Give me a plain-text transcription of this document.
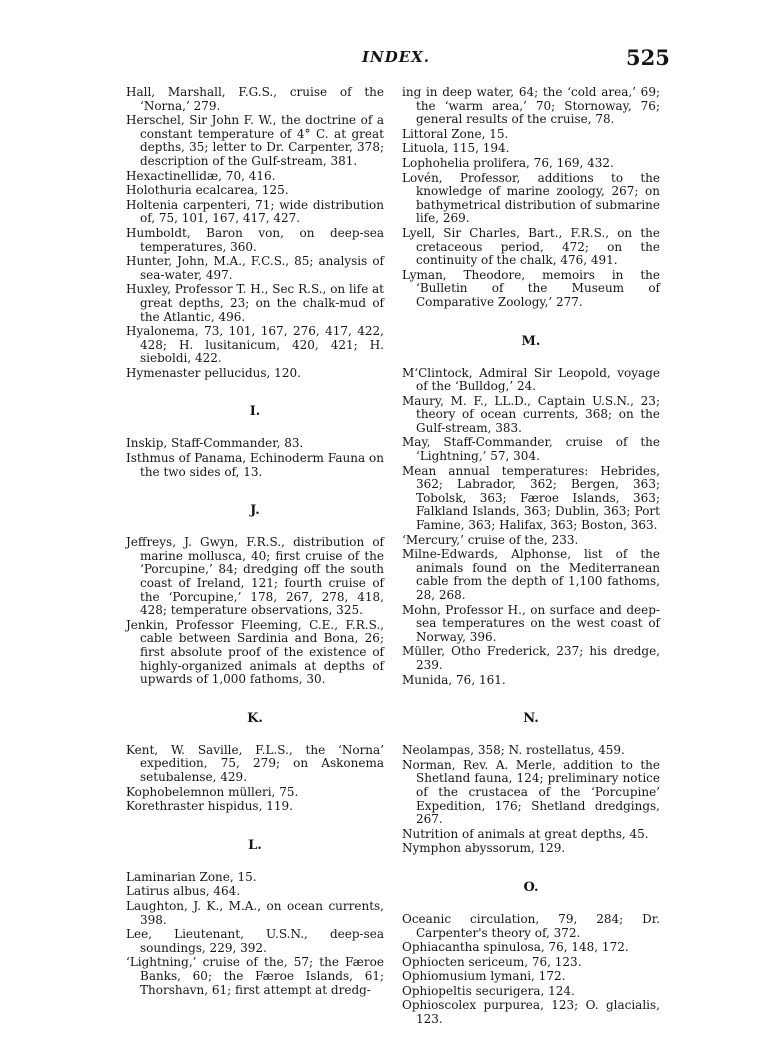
INDEX.	525

Hall, Marshall, F.G.S., cruise of the ‘Norna,’ 279.

Herschel, Sir John F. W., the doctrine of a constant temperature of 4° C. at great depths, 35; letter to Dr. Carpenter, 378; description of the Gulf-stream, 381.

Hexactinellidæ, 70, 416.

Holothuria ecalcarea, 125.

Holtenia carpenteri, 71; wide distribution of, 75, 101, 167, 417, 427.

Humboldt, Baron von, on deep-sea temperatures, 360.

Hunter, John, M.A., F.C.S., 85; analysis of sea-water, 497.

Huxley, Professor T. H., Sec R.S., on life at great depths, 23; on the chalk-mud of the Atlantic, 496.

Hyalonema, 73, 101, 167, 276, 417, 422, 428; H. lusitanicum, 420, 421; H. sieboldi, 422.

Hymenaster pellucidus, 120.

I.

Inskip, Staff-Commander, 83.

Isthmus of Panama, Echinoderm Fauna on the two sides of, 13.

J.

Jeffreys, J. Gwyn, F.R.S., distribution of marine mollusca, 40; first cruise of the ‘Porcupine,’ 84; dredging off the south coast of Ireland, 121; fourth cruise of the ‘Porcupine,’ 178, 267, 278, 418, 428; temperature observations, 325.

Jenkin, Professor Fleeming, C.E., F.R.S., cable between Sardinia and Bona, 26; first absolute proof of the existence of highly-organized animals at depths of upwards of 1,000 fathoms, 30.

K.

Kent, W. Saville, F.L.S., the ‘Norna’ expedition, 75, 279; on Askonema setubalense, 429.

Kophobelemnon mülleri, 75.

Korethraster hispidus, 119.

L.

Laminarian Zone, 15.

Latirus albus, 464.

Laughton, J. K., M.A., on ocean currents, 398.

Lee, Lieutenant, U.S.N., deep-sea soundings, 229, 392.

‘Lightning,’ cruise of the, 57; the Færoe Banks, 60; the Færoe Islands, 61; Thorshavn, 61; first attempt at dredg-

ing in deep water, 64; the ‘cold area,’ 69; the ‘warm area,’ 70; Stornoway, 76; general results of the cruise, 78.

Littoral Zone, 15.

Lituola, 115, 194.

Lophohelia prolifera, 76, 169, 432.

Lovén, Professor, additions to the knowledge of marine zoology, 267; on bathymetrical distribution of submarine life, 269.

Lyell, Sir Charles, Bart., F.R.S., on the cretaceous period, 472; on the continuity of the chalk, 476, 491.

Lyman, Theodore, memoirs in the ‘Bulletin of the Museum of Comparative Zoology,’ 277.

M.

M‘Clintock, Admiral Sir Leopold, voyage of the ‘Bulldog,’ 24.

Maury, M. F., LL.D., Captain U.S.N., 23; theory of ocean currents, 368; on the Gulf-stream, 383.

May, Staff-Commander, cruise of the ‘Lightning,’ 57, 304.

Mean annual temperatures: Hebrides, 362; Labrador, 362; Bergen, 363; Tobolsk, 363; Færoe Islands, 363; Falkland Islands, 363; Dublin, 363; Port Famine, 363; Halifax, 363; Boston, 363.

‘Mercury,’ cruise of the, 233.

Milne-Edwards, Alphonse, list of the animals found on the Mediterranean cable from the depth of 1,100 fathoms, 28, 268.

Mohn, Professor H., on surface and deep-sea temperatures on the west coast of Norway, 396.

Müller, Otho Frederick, 237; his dredge, 239.

Munida, 76, 161.

N.

Neolampas, 358; N. rostellatus, 459.

Norman, Rev. A. Merle, addition to the Shetland fauna, 124; preliminary notice of the crustacea of the ‘Porcupine’ Expedition, 176; Shetland dredgings, 267.

Nutrition of animals at great depths, 45.

Nymphon abyssorum, 129.

O.

Oceanic circulation, 79, 284; Dr. Carpenter's theory of, 372.

Ophiacantha spinulosa, 76, 148, 172.

Ophiocten sericeum, 76, 123.

Ophiomusium lymani, 172.

Ophiopeltis securigera, 124.

Ophioscolex purpurea, 123; O. glacialis, 123.
